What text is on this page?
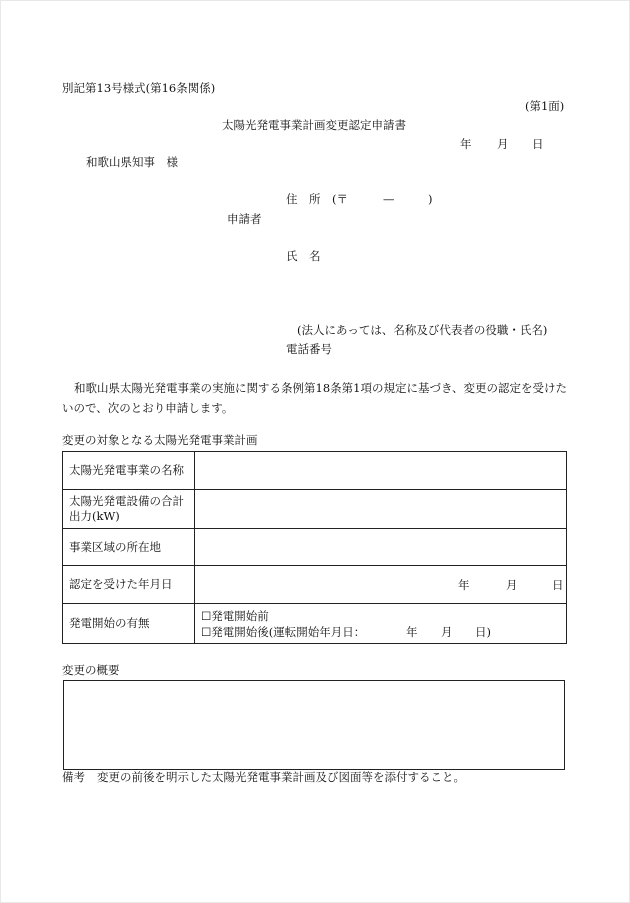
別記第13号様式(第16条関係)
(第1面)
太陽光発電事業計画変更認定申請書
年 月 日
和歌山県知事　様
住　所 (〒	—	)
申請者
氏　名
(法人にあっては、名称及び代表者の役職・氏名)
電話番号
和歌山県太陽光発電事業の実施に関する条例第18条第1項の規定に基づき、変更の認定を受けたいので、次のとおり申請します。
変更の対象となる太陽光発電事業計画
太陽光発電事業の名称	
太陽光発電設備の合計出力(kW)	
事業区域の所在地	
認定を受けた年月日	年 月 日

発電開始の有無	☐発電開始前
☐発電開始後(運転開始年月日： 年 月 日)
変更の概要
備考 変更の前後を明示した太陽光発電事業計画及び図面等を添付すること。
